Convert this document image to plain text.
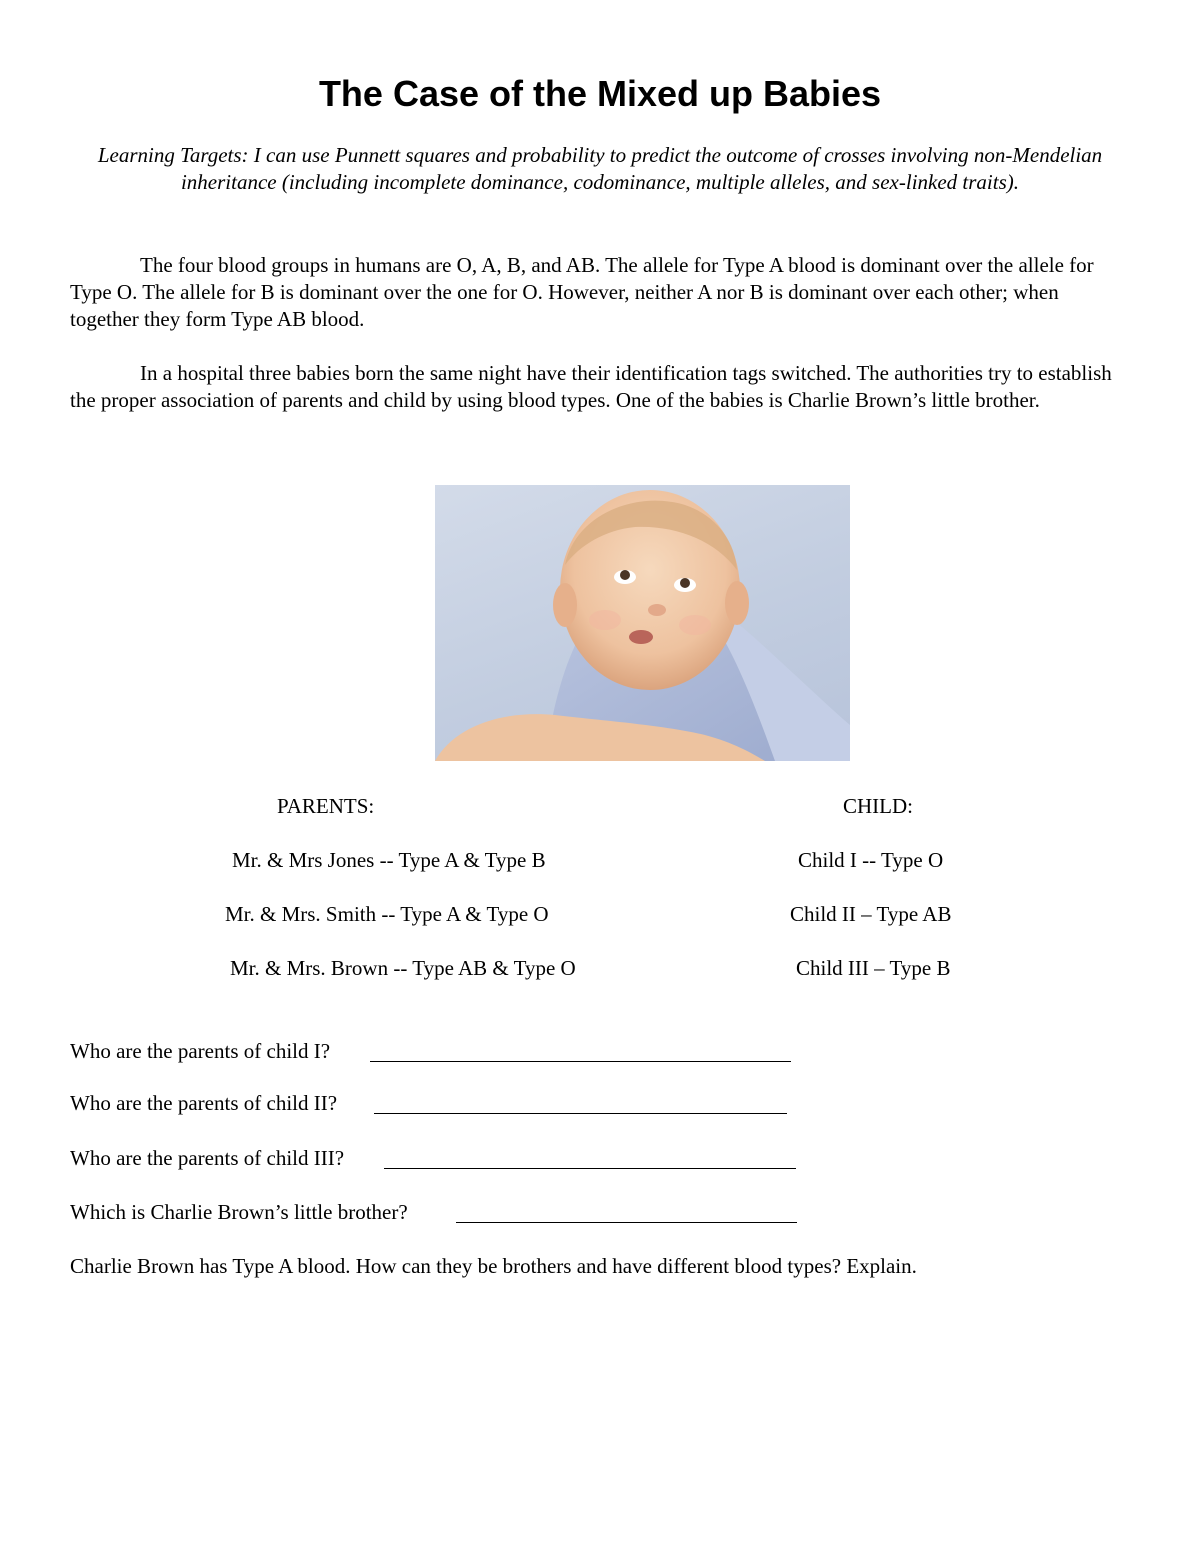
The Case of the Mixed up Babies

Learning Targets: I can use Punnett squares and probability to predict the outcome of crosses involving non-Mendelian inheritance (including incomplete dominance, codominance, multiple alleles, and sex-linked traits).

The four blood groups in humans are O, A, B, and AB. The allele for Type A blood is dominant over the allele for Type O. The allele for B is dominant over the one for O. However, neither A nor B is dominant over each other; when together they form Type AB blood.

In a hospital three babies born the same night have their identification tags switched. The authorities try to establish the proper association of parents and child by using blood types. One of the babies is Charlie Brown’s little brother.

PARENTS:	CHILD:

Mr. & Mrs Jones -- Type A & Type B

Mr. & Mrs. Smith -- Type A & Type O

Mr. & Mrs. Brown -- Type AB & Type O

Child I -- Type O

Child II – Type AB

Child III – Type B

Who are the parents of child I?

Who are the parents of child II?

Who are the parents of child III?

Which is Charlie Brown’s little brother?

Charlie Brown has Type A blood. How can they be brothers and have different blood types? Explain.
